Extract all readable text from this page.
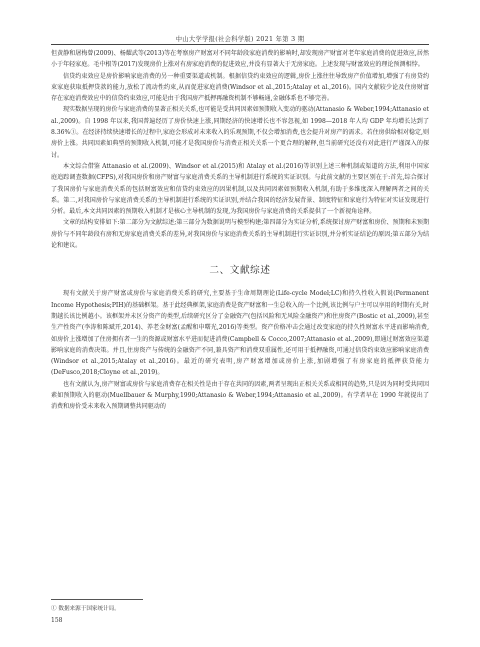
中山大学学报(社会科学版) 2021 年第 3 期

但黄静和屠梅曾(2009)、杨耀武等(2013)等在考察房产财富对不同年龄段家庭消费的影响时,却发现房产财富对老年家庭消费的促进效应,居然小于年轻家庭。毛中根等(2017)发现房价上涨对有房家庭消费的促进效应,并没有显著大于无房家庭。上述发现与财富效应的理论预测相悖。

信贷约束效应是房价影响家庭消费的另一种重要渠道或机制。根据信贷约束效应的逻辑,房价上涨往往导致房产价值增加,增强了有房贷约束家庭获取抵押贷款的能力,放松了流动性约束,从而促进家庭消费(Windsor et al.,2015;Atalay et al.,2016)。国内文献较少论及住房财富存在家庭消费效应中的信贷约束效应,可能是由于我国房产抵押再融资机制不够畅通,金融体系也不够完善。

现实数据呈现的房价与家庭消费的显著正相关关系,也可能是受共同因素如预期收入变动的驱动(Attanasio & Weber,1994;Attanasio et al.,2009)。自 1998 年以来,我国普遍经历了房价快速上涨,同期经济的快速增长也不容忽视,如 1998—2018 年人均 GDP 年均增长达到了 8.36%①。在经济持续快速增长的过程中,家庭会形成对未来收入的乐观预期,不仅会增加消费,也会提升对房产的需求。若住房供给相对稳定,则房价上涨。共同因素如典型的预期收入机制,可能才是我国房价与消费正相关关系一个更合理的解释,但当前研究还没有对此进行严谨深入的探讨。

本文综合借鉴 Attanasio et al.(2009)、Windsor et al.(2015)和 Atalay et al.(2016)等识别上述三种机制或渠道的方法,利用中国家庭追踪调查数据(CFPS),对我国房价和房产财富与家庭消费关系的主导机制进行系统的实证识别。与此前文献的主要区别在于:首先,综合探讨了我国房价与家庭消费关系的包括财富效应和信贷约束效应的因果机制,以及共同因素如预期收入机制,有助于多维度深入理解两者之间的关系。第二,对我国房价与家庭消费关系的主导机制进行系统的实证识别,并结合我国的经济发展背景、制度特征和家庭行为特征对实证发现进行分析。最后,本文共同因素的预期收入机制才是核心主导机制的发现,为我国房价与家庭消费的关系提供了一个新视角诠释。

文章的结构安排如下:第二部分为文献综述;第三部分为数据说明与模型构建;第四部分为实证分析,系统探讨房产财富和房价、预期和未预期房价与不同年龄段有房和无房家庭消费关系的差异,对我国房价与家庭消费关系的主导机制进行实证识别,并分析实证结论的原因;第五部分为结论和建议。

二、文献综述

现有文献关于房产财富或房价与家庭消费关系的研究,主要基于生命周期理论(Life-cycle Model;LC)和持久性收入假说(Permanent Income Hypothesis;PIH)的基础框架。基于此经典框架,家庭消费是资产财富和一生总收入的一个比例,该比例与户主可以享用的时期有关,时期越长该比例越小。该框架并未区分资产的类型,后续研究区分了金融资产(包括风险和无风险金融资产)和住房资产(Bostic et al.,2009),甚至生产性资产(李涛和陈斌开,2014)、养老金财富(孟醒和申曙光,2016)等类型。资产价格冲击会通过改变家庭的持久性财富水平进而影响消费,如房价上涨增加了住房拥有者一生的资源或财富水平进而促进消费(Campbell & Cocco,2007;Attanasio et al.,2009),即通过财富效应渠道影响家庭的消费决策。并且,住房资产与传统的金融资产不同,兼具资产和消费双重属性,还可用于抵押融资,可通过信贷约束效应影响家庭消费(Windsor et al.,2015;Atalay et al.,2016)。最近的研究表明,房产财富增加或房价上涨,加剧增强了有房家庭的抵押获贷能力(DeFusco,2018;Cloyne et al.,2019)。

也有文献认为,房产财富或房价与家庭消费存在相关性是由于存在共同的因素,两者呈现出正相关关系或相同的趋势,只是因为同时受共同因素如预期收入的驱动(Muellbauer & Murphy,1990;Attanasio & Weber,1994;Attanasio et al.,2009)。有学者早在 1990 年就提出了消费和房价受未来收入预期调整共同驱动的

① 数据来源于国家统计局。
158
